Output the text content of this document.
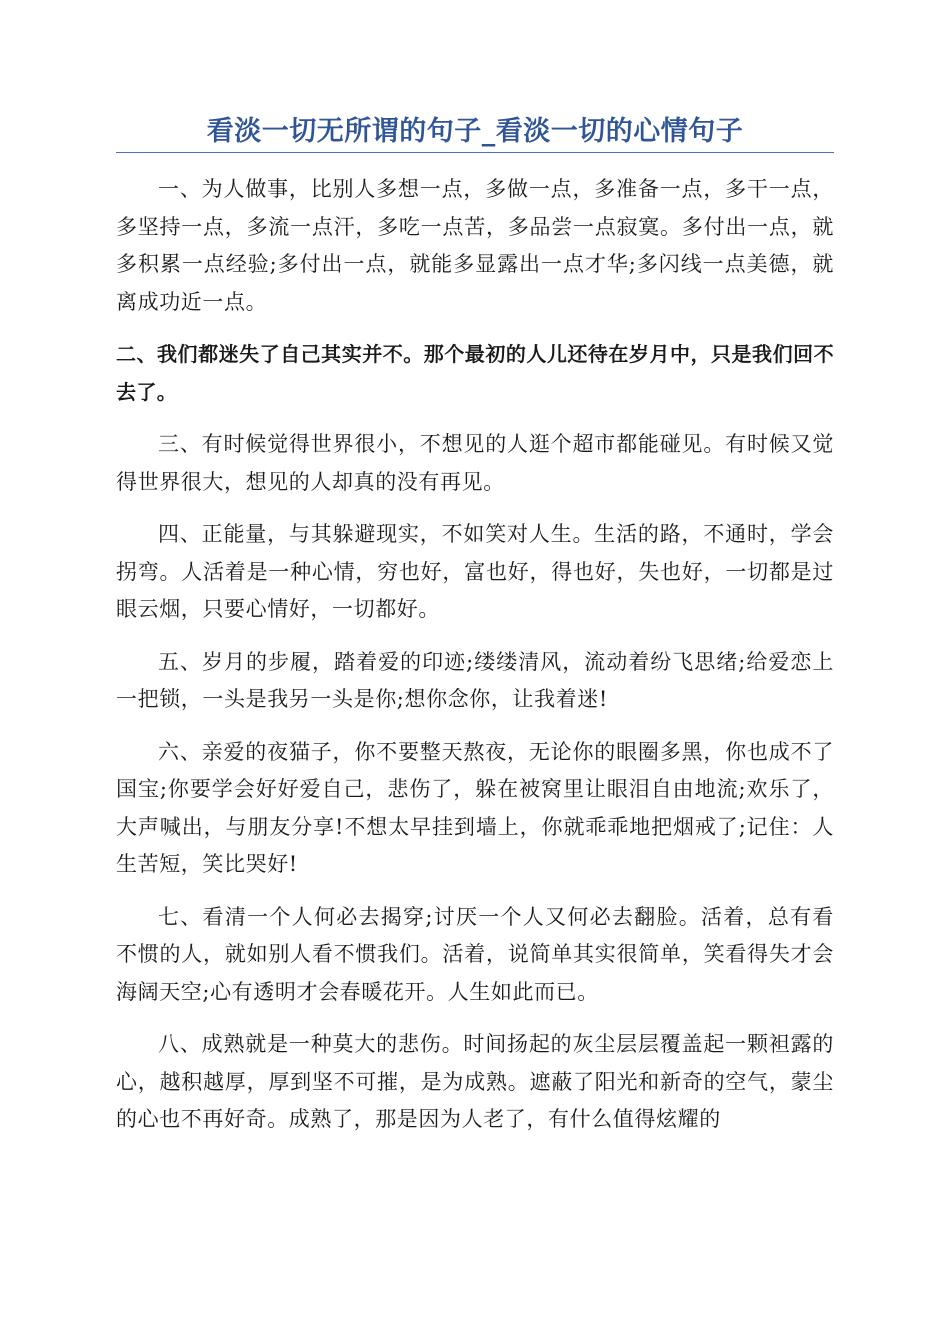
看淡一切无所谓的句子_看淡一切的心情句子

一、为人做事，比别人多想一点，多做一点，多准备一点，多干一点，多坚持一点，多流一点汗，多吃一点苦，多品尝一点寂寞。多付出一点，就多积累一点经验;多付出一点，就能多显露出一点才华;多闪线一点美德，就离成功近一点。

二、我们都迷失了自己其实并不。那个最初的人儿还待在岁月中，只是我们回不去了。

三、有时候觉得世界很小，不想见的人逛个超市都能碰见。有时候又觉得世界很大，想见的人却真的没有再见。

四、正能量，与其躲避现实，不如笑对人生。生活的路，不通时，学会拐弯。人活着是一种心情，穷也好，富也好，得也好，失也好，一切都是过眼云烟，只要心情好，一切都好。

五、岁月的步履，踏着爱的印迹;缕缕清风，流动着纷飞思绪;给爱恋上一把锁，一头是我另一头是你;想你念你，让我着迷!

六、亲爱的夜猫子，你不要整天熬夜，无论你的眼圈多黑，你也成不了国宝;你要学会好好爱自己，悲伤了，躲在被窝里让眼泪自由地流;欢乐了，大声喊出，与朋友分享!不想太早挂到墙上，你就乖乖地把烟戒了;记住：人生苦短，笑比哭好!

七、看清一个人何必去揭穿;讨厌一个人又何必去翻脸。活着，总有看不惯的人，就如别人看不惯我们。活着，说简单其实很简单，笑看得失才会海阔天空;心有透明才会春暖花开。人生如此而已。

八、成熟就是一种莫大的悲伤。时间扬起的灰尘层层覆盖起一颗袒露的心，越积越厚，厚到坚不可摧，是为成熟。遮蔽了阳光和新奇的空气，蒙尘的心也不再好奇。成熟了，那是因为人老了，有什么值得炫耀的
